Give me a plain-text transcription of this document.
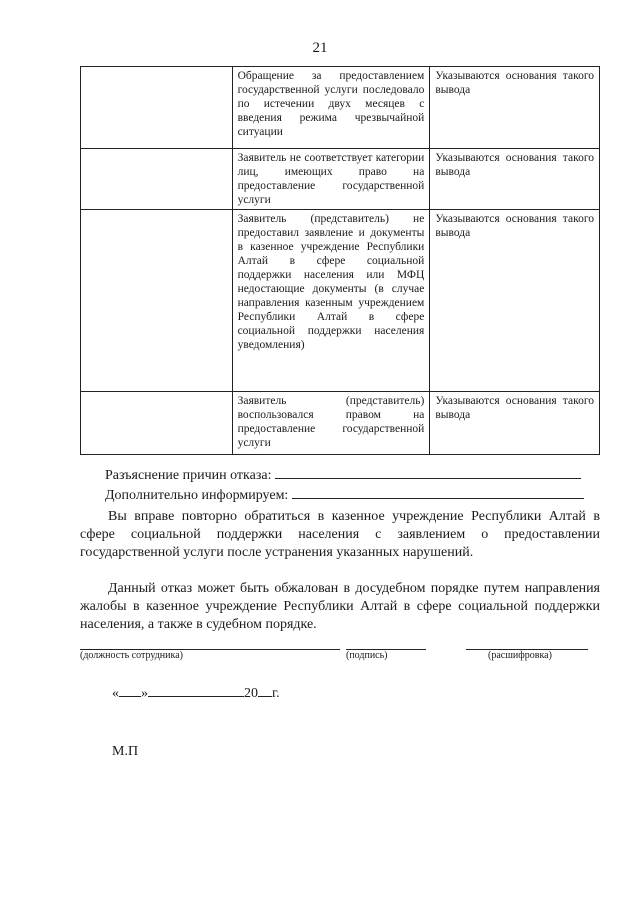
21

	Обращение за предоставлением государственной услуги последовало по истечении двух месяцев с введения режима чрезвычайной ситуации	Указываются основания такого вывода

	Заявитель не соответствует категории лиц, имеющих право на предоставление государственной услуги	Указываются основания такого вывода

	Заявитель (представитель) не предоставил заявление и документы в казенное учреждение Республики Алтай в сфере социальной поддержки населения или МФЦ недостающие документы (в случае направления казенным учреждением Республики Алтай в сфере социальной поддержки населения уведомления)	Указываются основания такого вывода

	Заявитель (представитель) воспользовался правом на предоставление государственной услуги	Указываются основания такого вывода
Разъяснение причин отказа:
Дополнительно информируем:
Вы вправе повторно обратиться в казенное учреждение Республики Алтай в сфере социальной поддержки населения с заявлением о предоставлении государственной услуги после устранения указанных нарушений.
Данный отказ может быть обжалован в досудебном порядке путем направления жалобы в казенное учреждение Республики Алтай в сфере социальной поддержки населения, а также в судебном порядке.
(должность сотрудника)	(подпись)	(расшифровка)
« »	20 г.
М.П
